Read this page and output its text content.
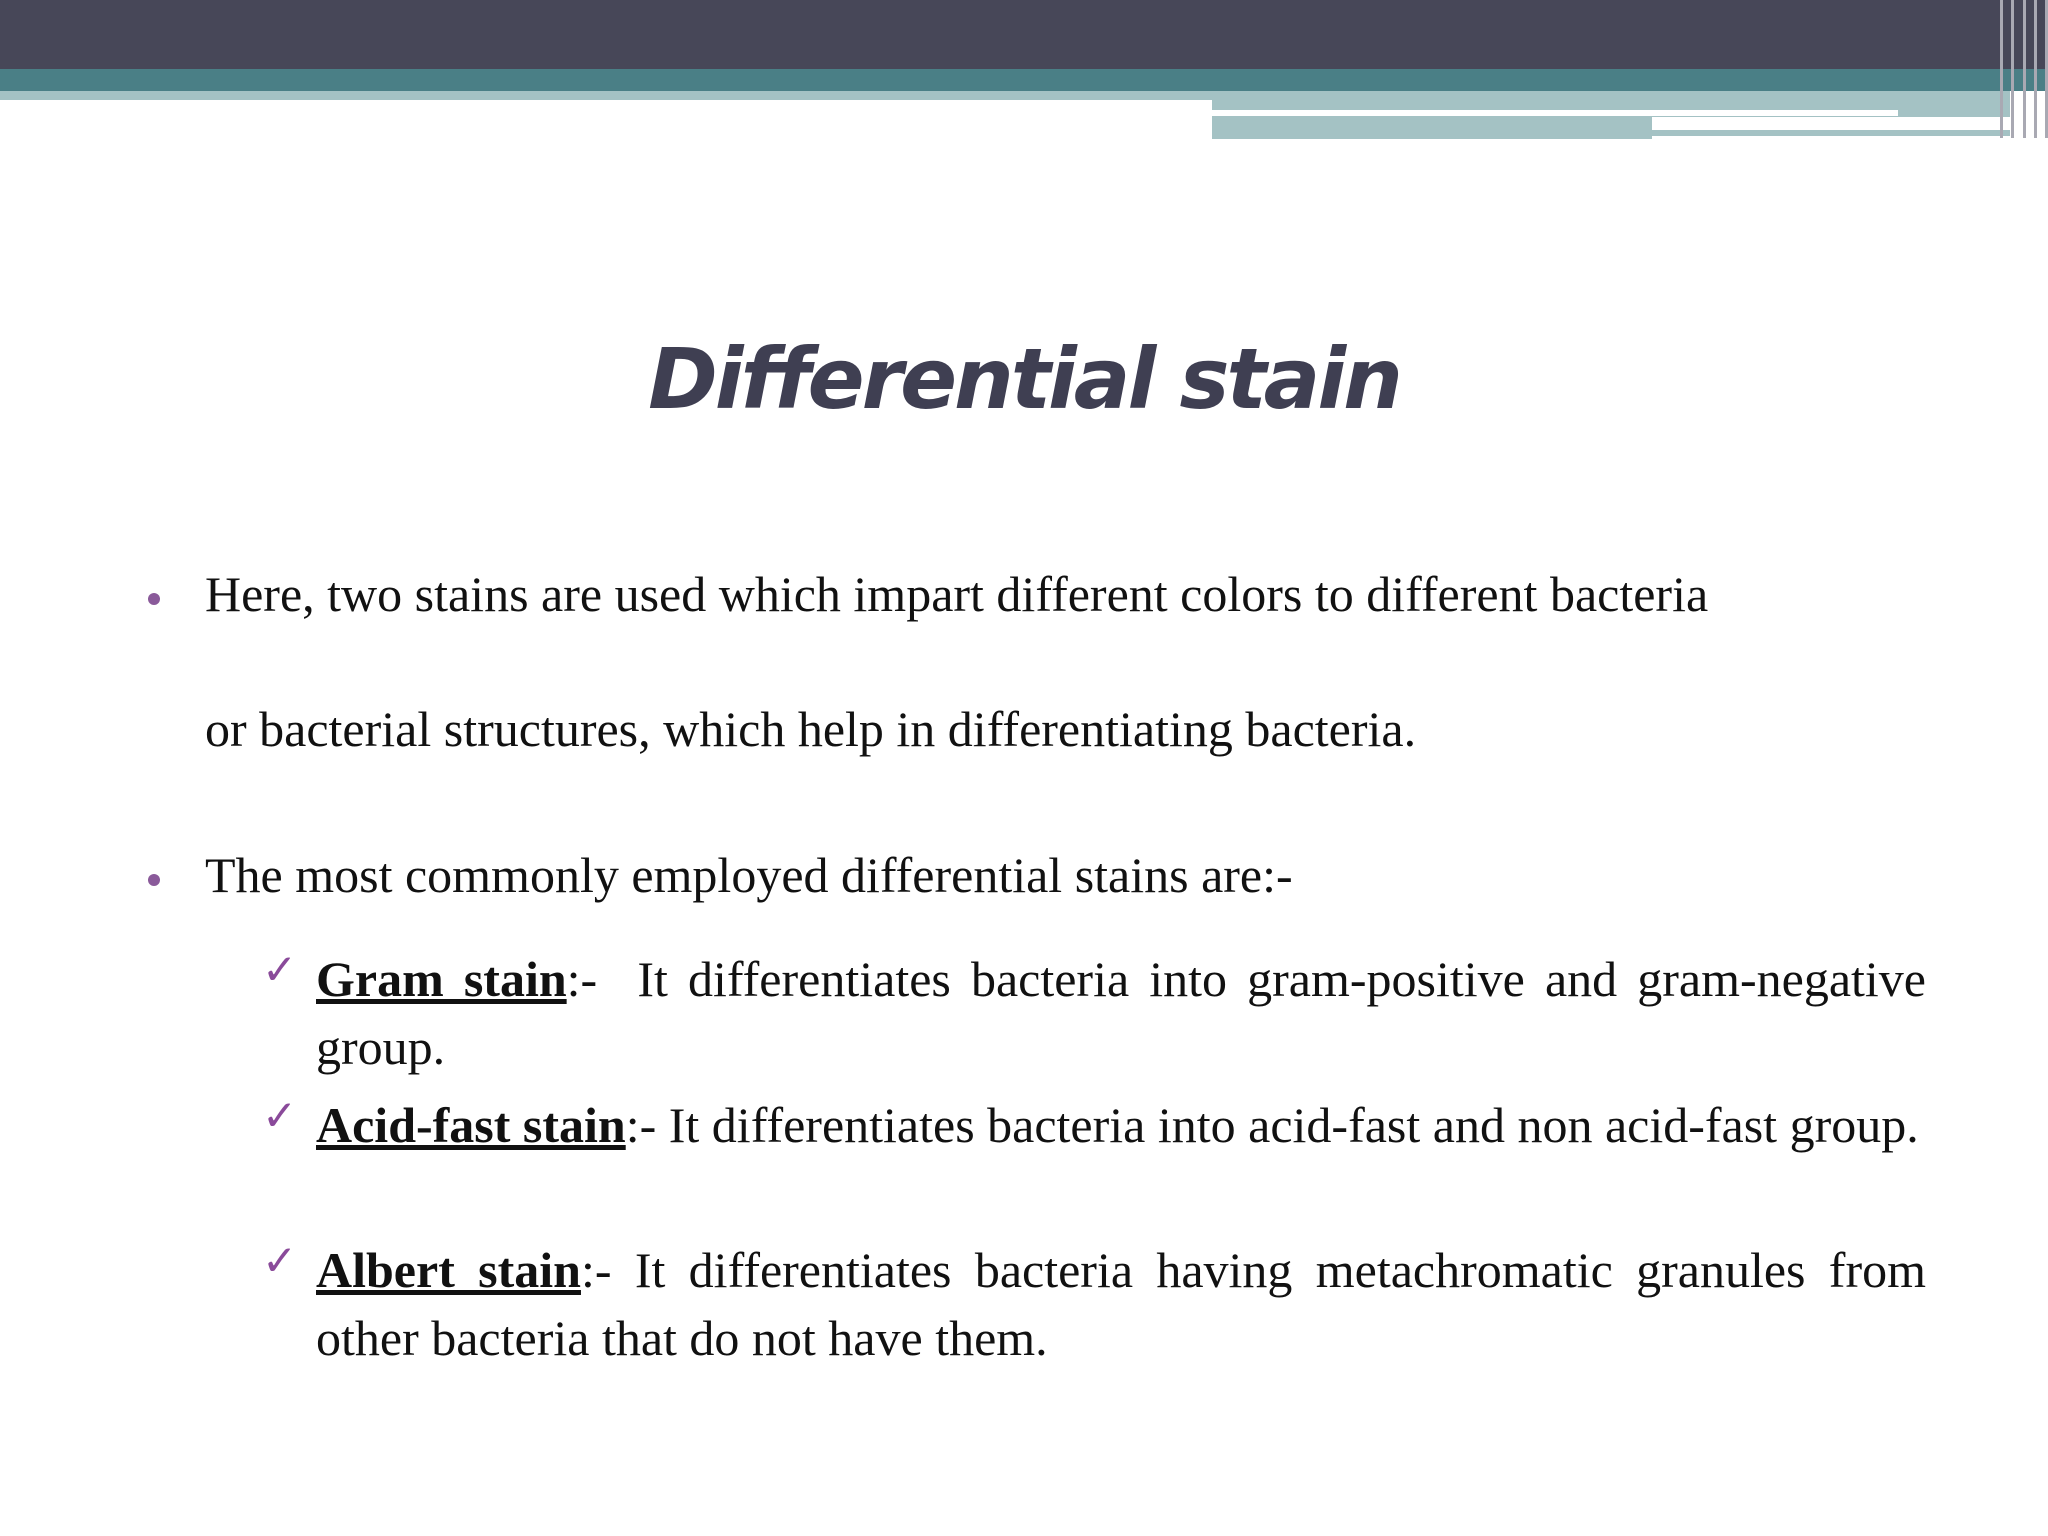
Differential stain
Here, two stains are used which impart different colors to different bacteria
or bacterial structures, which help in differentiating bacteria.
The most commonly employed differential stains are:-
✓ Gram stain:-  It differentiates bacteria into gram-positive and gram-negative group.
✓ Acid-fast stain:- It differentiates bacteria into acid-fast and non acid-fast group.
✓ Albert stain:- It differentiates bacteria having metachromatic granules from other bacteria that do not have them.
